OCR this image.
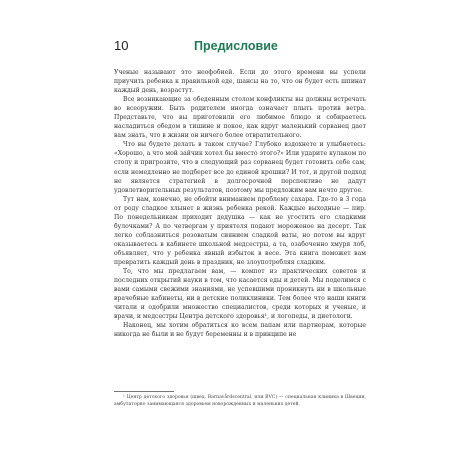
10	Предисловие

Ученые называют это неофобией. Если до этого времени вы успели приучить ребенка к правильной еде, шансы на то, что он будет есть шпинат каждый день, возрастут.

Все возникающие за обеденным столом конфликты вы должны встречать во всеоружии. Быть родителем иногда означает плыть против ветра. Представьте, что вы приготовили его любимое блюдо и собираетесь насладиться обедом в тишине и покое, как вдруг маленький сорванец дает вам знать, что в жизни он ничего более отвратительного.

Что вы будете делать в таком случае? Глубоко вздохнете и улыбнетесь: «Хорошо, а что мой зайчик хотел бы вместо этого?» Или ударите кулаком по столу и пригрозите, что в следующий раз сорванец будет готовить себе сам, если немедленно не подберет все до единой крошки? И тот, и другой подход не является стратегией в долгосрочной перспективе не дадут удовлетворительных результатов, поэтому мы предложим вам нечто другое.

Тут нам, конечно, не обойти вниманием проблему сахара. Где-то в 3 года от роду сладкое хлынет в жизнь ребенка рекой. Каждые выходные — пир. По понедельникам приходит дедушка — как не угостить его сладкими булочками? А по четвергам у приятеля подают мороженое на десерт. Так легко соблазниться розоватым сиянием сладкой ваты, но потом вы вдруг оказываетесь в кабинете школьной медсестры, а та, озабоченно хмуря лоб, объявляет, что у ребенка явный избыток в весе. Эта книга поможет вам превратить каждый день в праздник, не злоупотребляя сладким.

То, что мы предлагаем вам, — компот из практических советов и последних открытий науки в том, что касается еды и детей. Мы поделимся с вами самыми свежими знаниями, не успевшими проникнуть ни в школьные врачебные кабинеты, ни в детские поликлиники. Тем более что наши книги читали и одобрили множество специалистов, среди которых и ученые, и врачи, и медсестры Центра детского здоровья¹, и логопеды, и диетологи.

Наконец, мы хотим обратиться ко всем папам или партнерам, которые никогда не были и не будут беременны и в принципе не

¹ Центр детского здоровья (швед. Barnavårdscentral, или BVC) — специальная клиника в Швеции, амбулаторно занимающаяся здоровьем новорожденных и маленьких детей.
